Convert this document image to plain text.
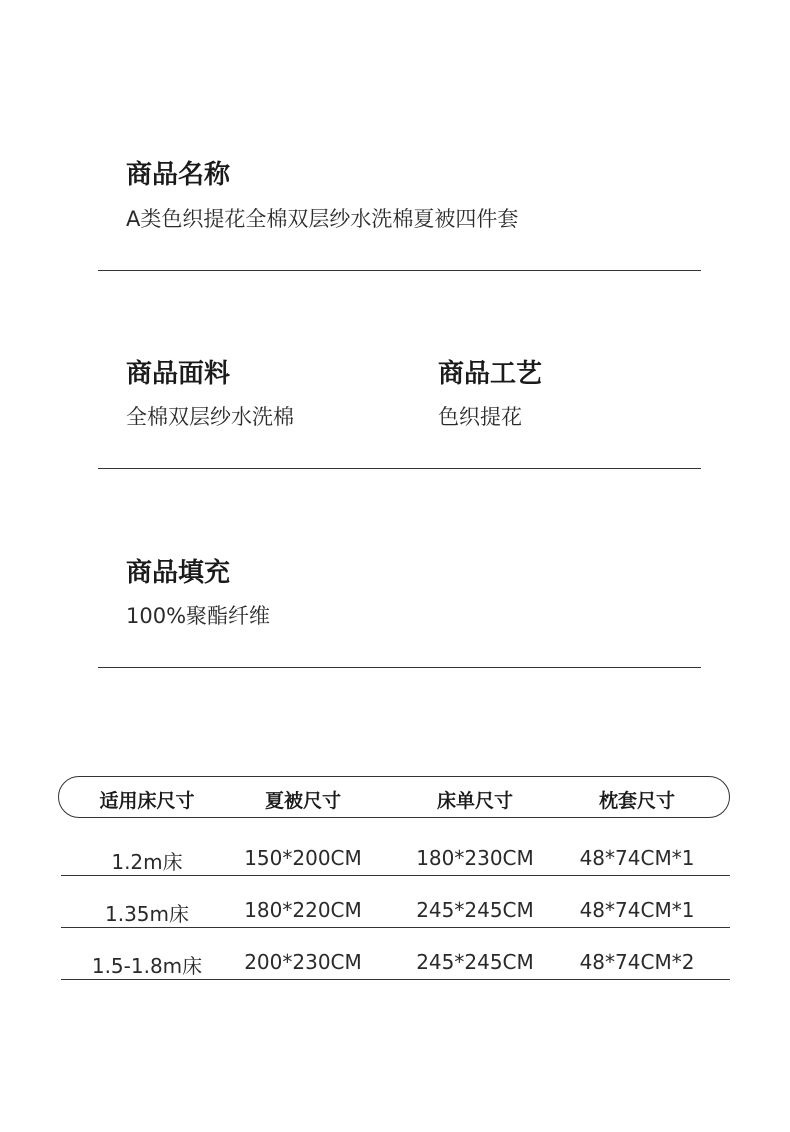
商品名称
A类色织提花全棉双层纱水洗棉夏被四件套
商品面料
全棉双层纱水洗棉
商品工艺
色织提花
商品填充
100%聚酯纤维
适用床尺寸	夏被尺寸	床单尺寸	枕套尺寸
1.2m床	150*200CM	180*230CM	48*74CM*1
1.35m床	180*220CM	245*245CM	48*74CM*1
1.5-1.8m床	200*230CM	245*245CM	48*74CM*2
